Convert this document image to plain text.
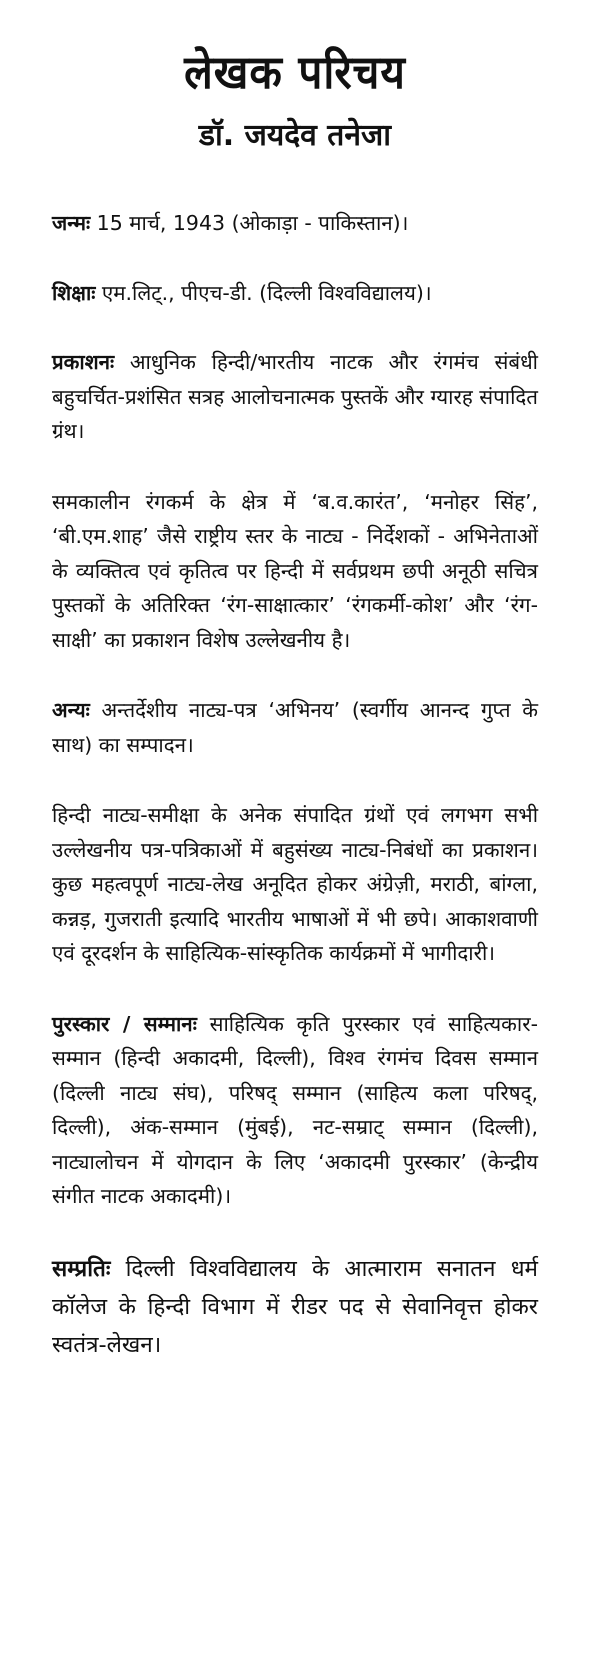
लेखक परिचय
डॉ. जयदेव तनेजा

जन्मः 15 मार्च, 1943 (ओकाड़ा - पाकिस्तान)।

शिक्षाः एम.लिट्., पीएच-डी. (दिल्ली विश्वविद्यालय)।

प्रकाशनः आधुनिक हिन्दी/भारतीय नाटक और रंगमंच संबंधी बहुचर्चित-प्रशंसित सत्रह आलोचनात्मक पुस्तकें और ग्यारह संपादित ग्रंथ।

समकालीन रंगकर्म के क्षेत्र में ‘ब.व.कारंत’, ‘मनोहर सिंह’, ‘बी.एम.शाह’ जैसे राष्ट्रीय स्तर के नाट्य - निर्देशकों - अभिनेताओं के व्यक्तित्व एवं कृतित्व पर हिन्दी में सर्वप्रथम छपी अनूठी सचित्र पुस्तकों के अतिरिक्त ‘रंग-साक्षात्कार’ ‘रंगकर्मी-कोश’ और ‘रंग-साक्षी’ का प्रकाशन विशेष उल्लेखनीय है।

अन्यः अन्तर्देशीय नाट्य-पत्र ‘अभिनय’ (स्वर्गीय आनन्द गुप्त के साथ) का सम्पादन।

हिन्दी नाट्य-समीक्षा के अनेक संपादित ग्रंथों एवं लगभग सभी उल्लेखनीय पत्र-पत्रिकाओं में बहुसंख्य नाट्य-निबंधों का प्रकाशन। कुछ महत्वपूर्ण नाट्य-लेख अनूदित होकर अंग्रेज़ी, मराठी, बांग्ला, कन्नड़, गुजराती इत्यादि भारतीय भाषाओं में भी छपे। आकाशवाणी एवं दूरदर्शन के साहित्यिक-सांस्कृतिक कार्यक्रमों में भागीदारी।

पुरस्कार / सम्मानः साहित्यिक कृति पुरस्कार एवं साहित्यकार-सम्मान (हिन्दी अकादमी, दिल्ली), विश्व रंगमंच दिवस सम्मान (दिल्ली नाट्य संघ), परिषद् सम्मान (साहित्य कला परिषद्, दिल्ली), अंक-सम्मान (मुंबई), नट-सम्राट् सम्मान (दिल्ली), नाट्यालोचन में योगदान के लिए ‘अकादमी पुरस्कार’ (केन्द्रीय संगीत नाटक अकादमी)।

सम्प्रतिः दिल्ली विश्वविद्यालय के आत्माराम सनातन धर्म कॉलेज के हिन्दी विभाग में रीडर पद से सेवानिवृत्त होकर स्वतंत्र-लेखन।
